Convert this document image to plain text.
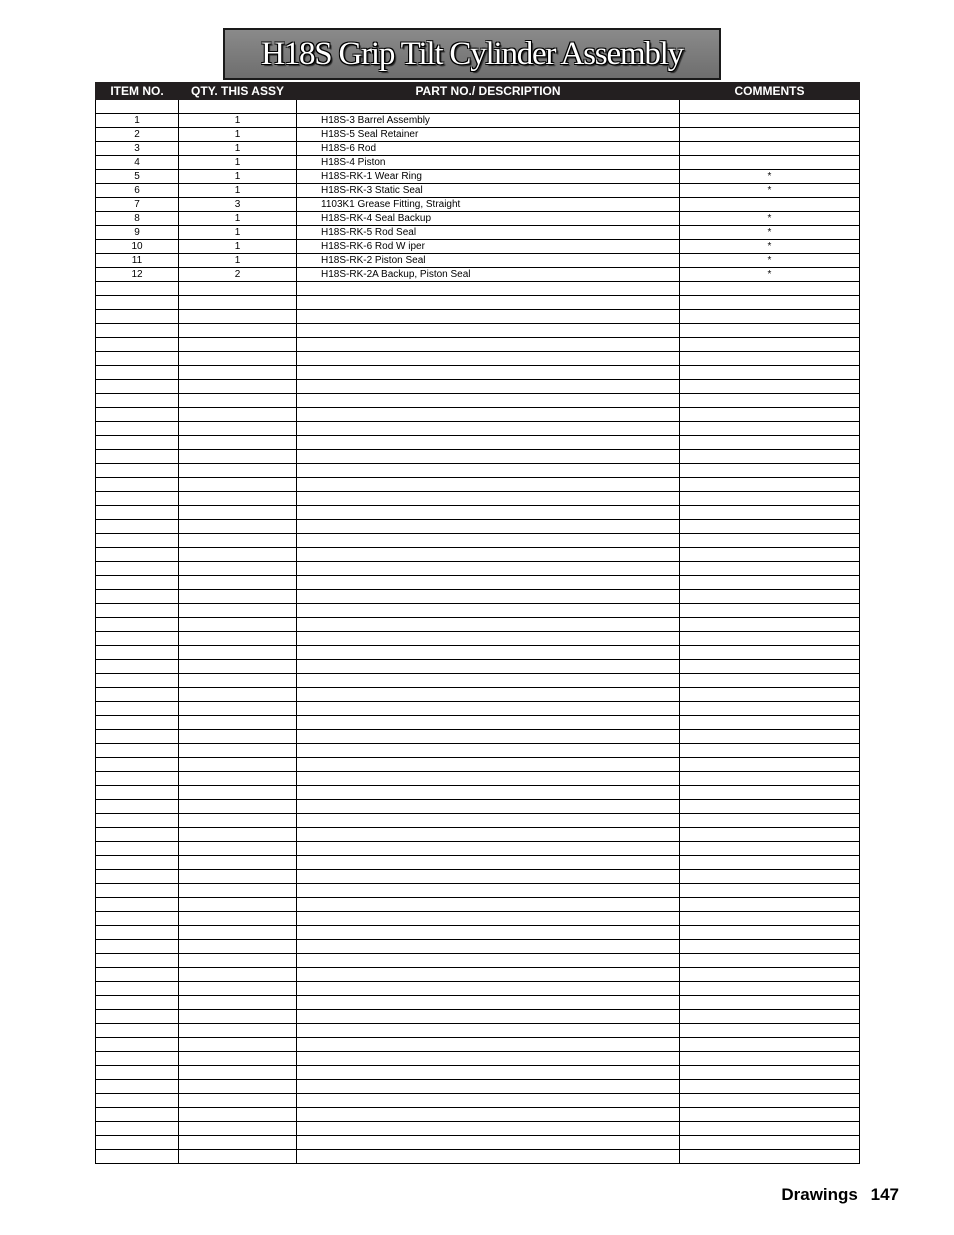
H18S Grip Tilt Cylinder Assembly
ITEM NO.	QTY. THIS ASSY	PART NO./ DESCRIPTION	COMMENTS

1	1	H18S-3 Barrel Assembly	
2	1	H18S-5 Seal Retainer	
3	1	H18S-6 Rod	
4	1	H18S-4 Piston	
5	1	H18S-RK-1 Wear Ring	*
6	1	H18S-RK-3 Static Seal	*
7	3	1103K1 Grease Fitting, Straight	
8	1	H18S-RK-4 Seal Backup	*
9	1	H18S-RK-5 Rod Seal	*
10	1	H18S-RK-6 Rod W iper	*
11	1	H18S-RK-2 Piston Seal	*
12	2	H18S-RK-2A Backup, Piston Seal	*

Drawings 147
